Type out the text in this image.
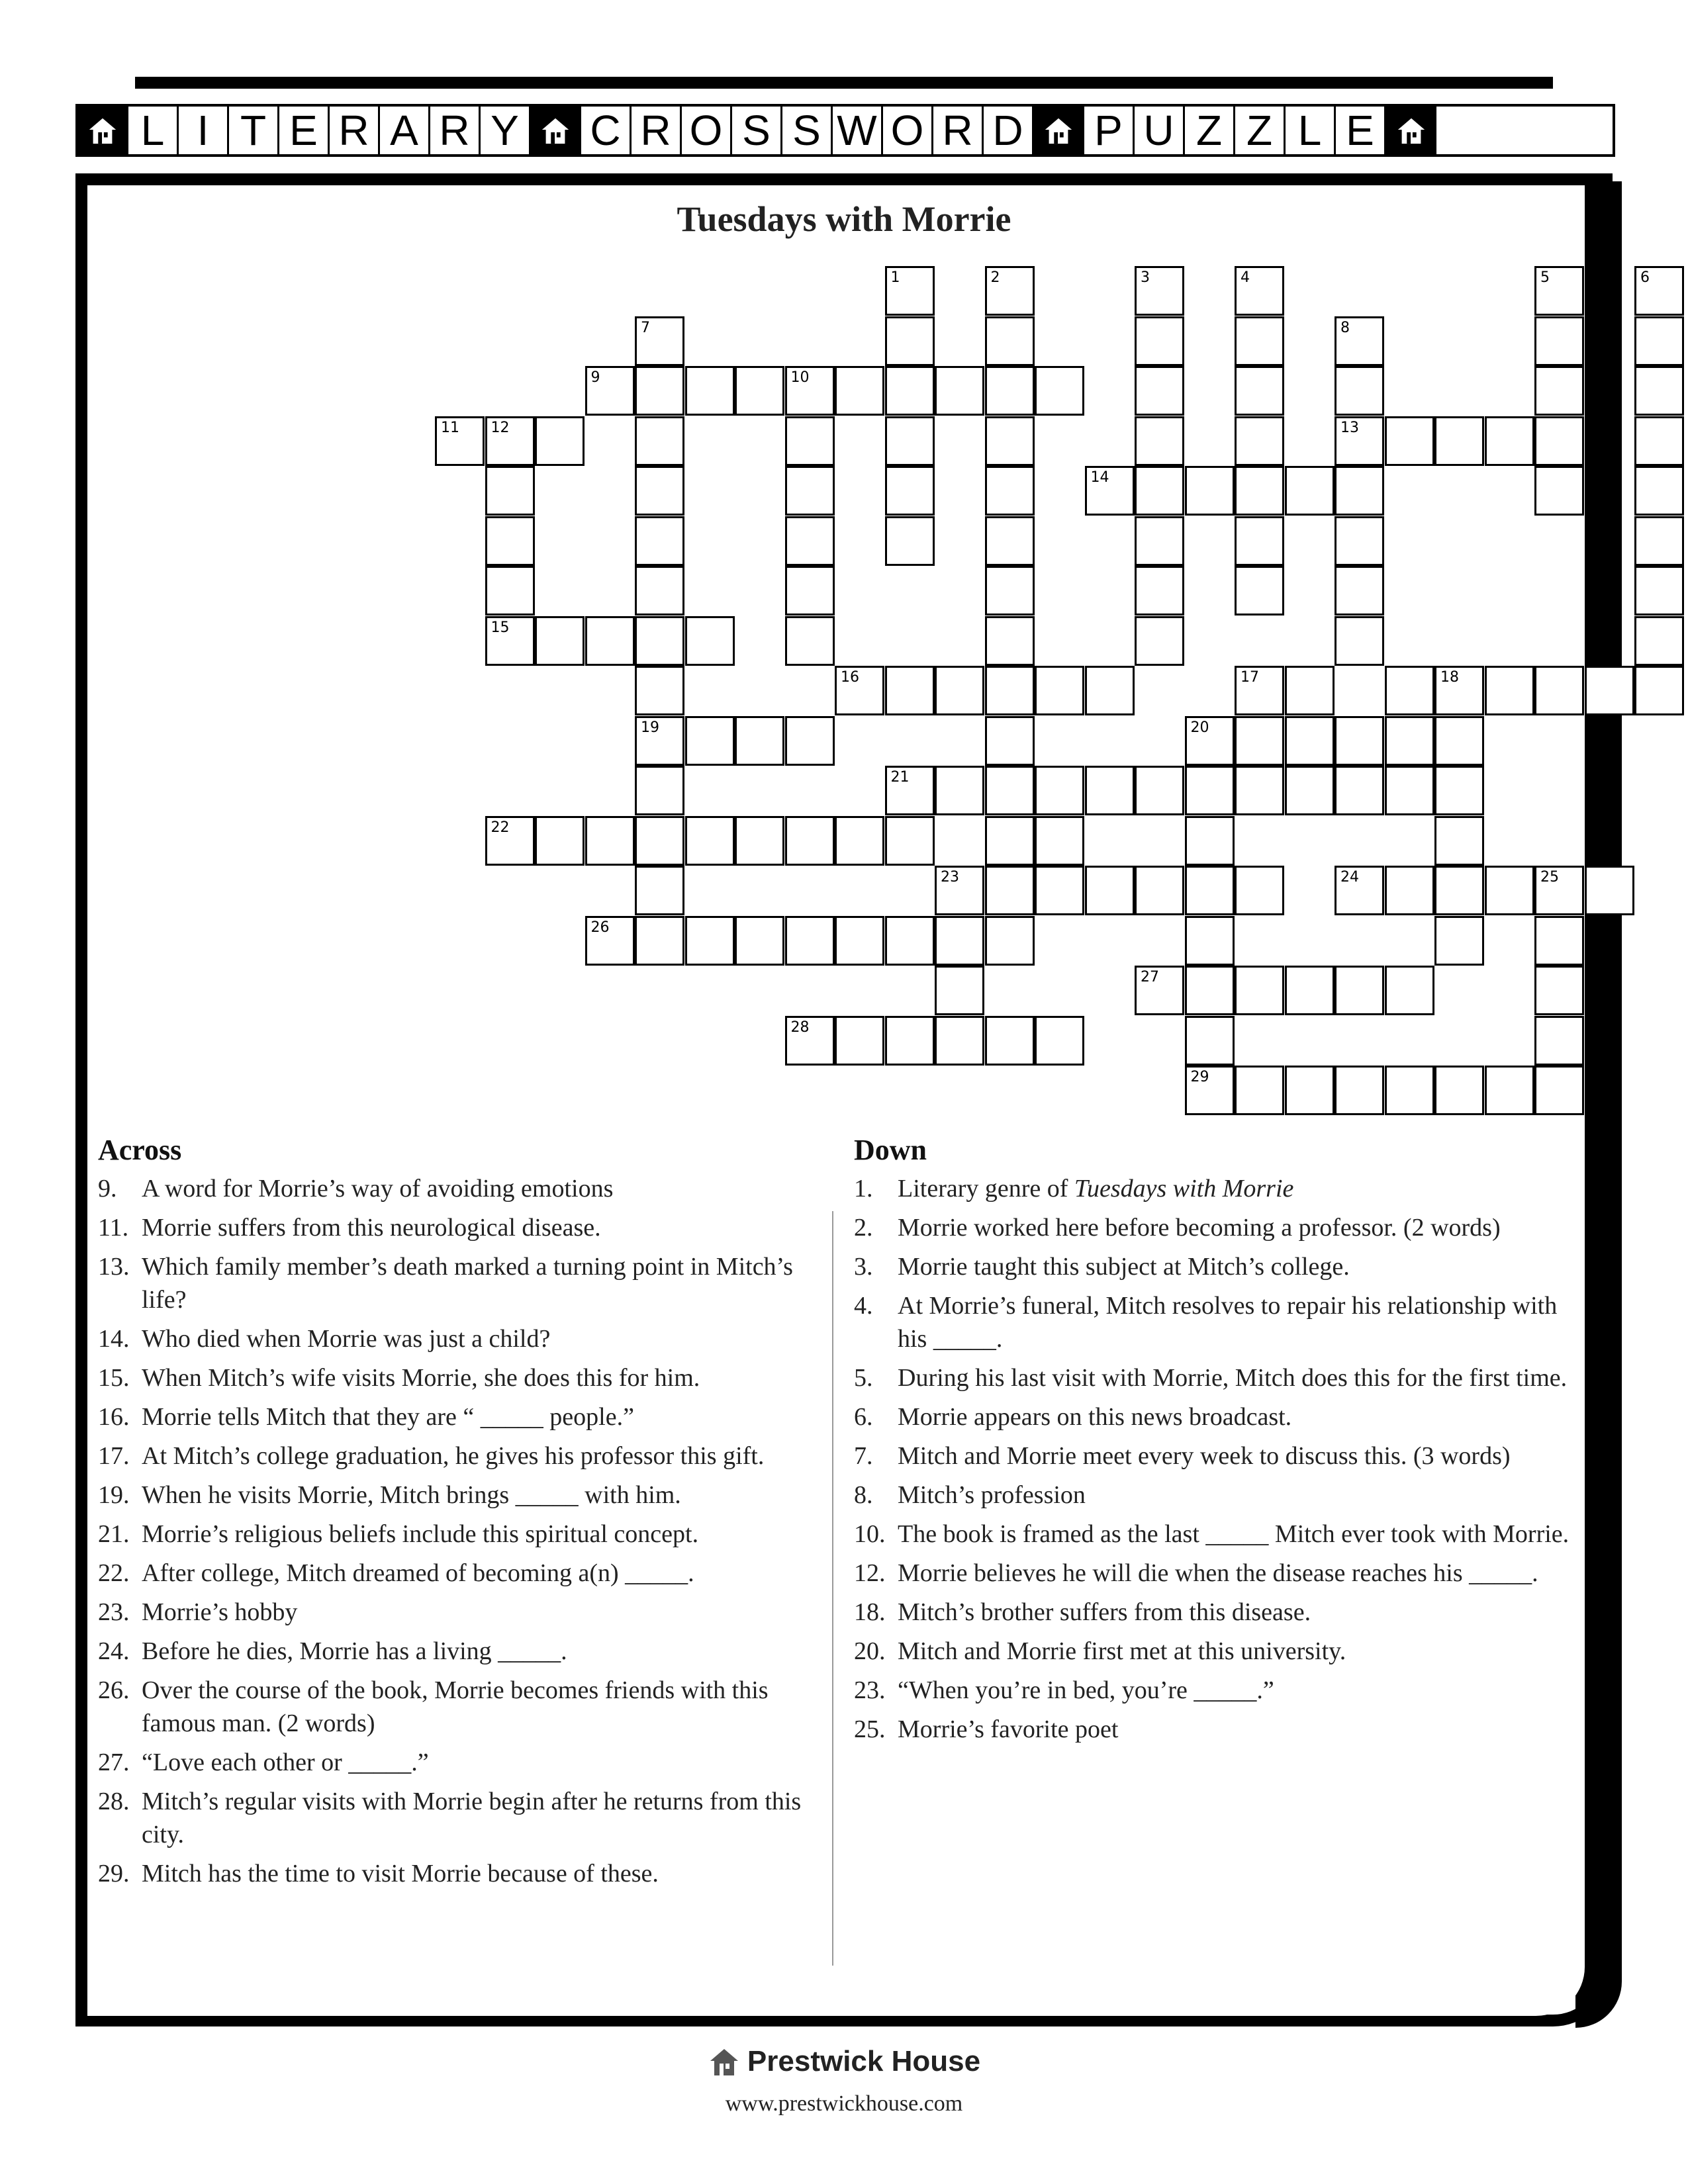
L I T E R A R Y C R O S S W O R D P U Z Z L E
Tuesdays with Morrie
1	2	3	4	5	6
7
19
8
13
9	10
11 12
14
15
16	17	18
20
21
22
23	24	25
26
27
28
29
Across
9. A word for Morrie’s way of avoiding emotions
11. Morrie suffers from this neurological disease.
13. Which family member’s death marked a turning point in Mitch’s life?
14. Who died when Morrie was just a child?
15. When Mitch’s wife visits Morrie, she does this for him.
16. Morrie tells Mitch that they are “ _____ people.”
17. At Mitch’s college graduation, he gives his professor this gift.
19. When he visits Morrie, Mitch brings _____ with him.
21. Morrie’s religious beliefs include this spiritual concept.
22. After college, Mitch dreamed of becoming a(n) _____.
23. Morrie’s hobby
24. Before he dies, Morrie has a living _____.
26. Over the course of the book, Morrie becomes friends with this famous man. (2 words)
27. “Love each other or _____.”
28. Mitch’s regular visits with Morrie begin after he returns from this city.
29. Mitch has the time to visit Morrie because of these.
Down
1. Literary genre of Tuesdays with Morrie
2. Morrie worked here before becoming a professor. (2 words)
3. Morrie taught this subject at Mitch’s college.
4. At Morrie’s funeral, Mitch resolves to repair his relationship with his _____.
5. During his last visit with Morrie, Mitch does this for the first time.
6. Morrie appears on this news broadcast.
7. Mitch and Morrie meet every week to discuss this. (3 words)
8. Mitch’s profession
10. The book is framed as the last _____ Mitch ever took with Morrie.
12. Morrie believes he will die when the disease reaches his _____.
18. Mitch’s brother suffers from this disease.
20. Mitch and Morrie first met at this university.
23. “When you’re in bed, you’re _____.”
25. Morrie’s favorite poet
Prestwick House
www.prestwickhouse.com
